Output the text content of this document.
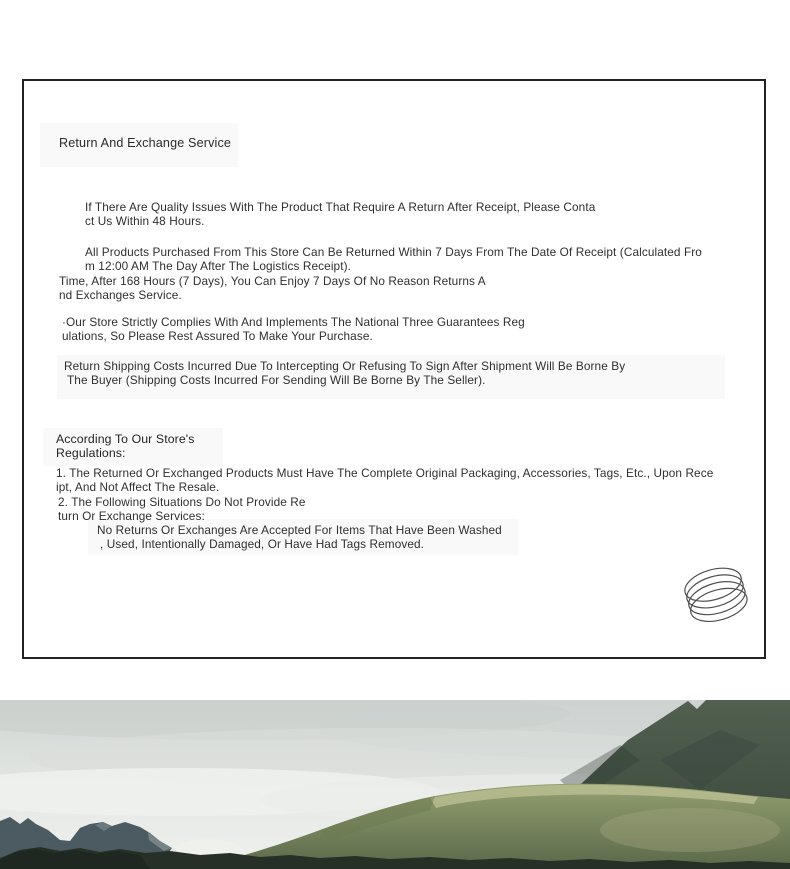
Return And Exchange Service
If There Are Quality Issues With The Product That Require A Return After Receipt, Please Conta
ct Us Within 48 Hours.
All Products Purchased From This Store Can Be Returned Within 7 Days From The Date Of Receipt (Calculated Fro
m 12:00 AM The Day After The Logistics Receipt).
Time, After 168 Hours (7 Days), You Can Enjoy 7 Days Of No Reason Returns A
nd Exchanges Service.
·Our Store Strictly Complies With And Implements The National Three Guarantees Reg
ulations, So Please Rest Assured To Make Your Purchase.
Return Shipping Costs Incurred Due To Intercepting Or Refusing To Sign After Shipment Will Be Borne By
The Buyer (Shipping Costs Incurred For Sending Will Be Borne By The Seller).
According To Our Store's
Regulations:
1. The Returned Or Exchanged Products Must Have The Complete Original Packaging, Accessories, Tags, Etc., Upon Rece
ipt, And Not Affect The Resale.
2. The Following Situations Do Not Provide Re
turn Or Exchange Services:
No Returns Or Exchanges Are Accepted For Items That Have Been Washed
, Used, Intentionally Damaged, Or Have Had Tags Removed.
